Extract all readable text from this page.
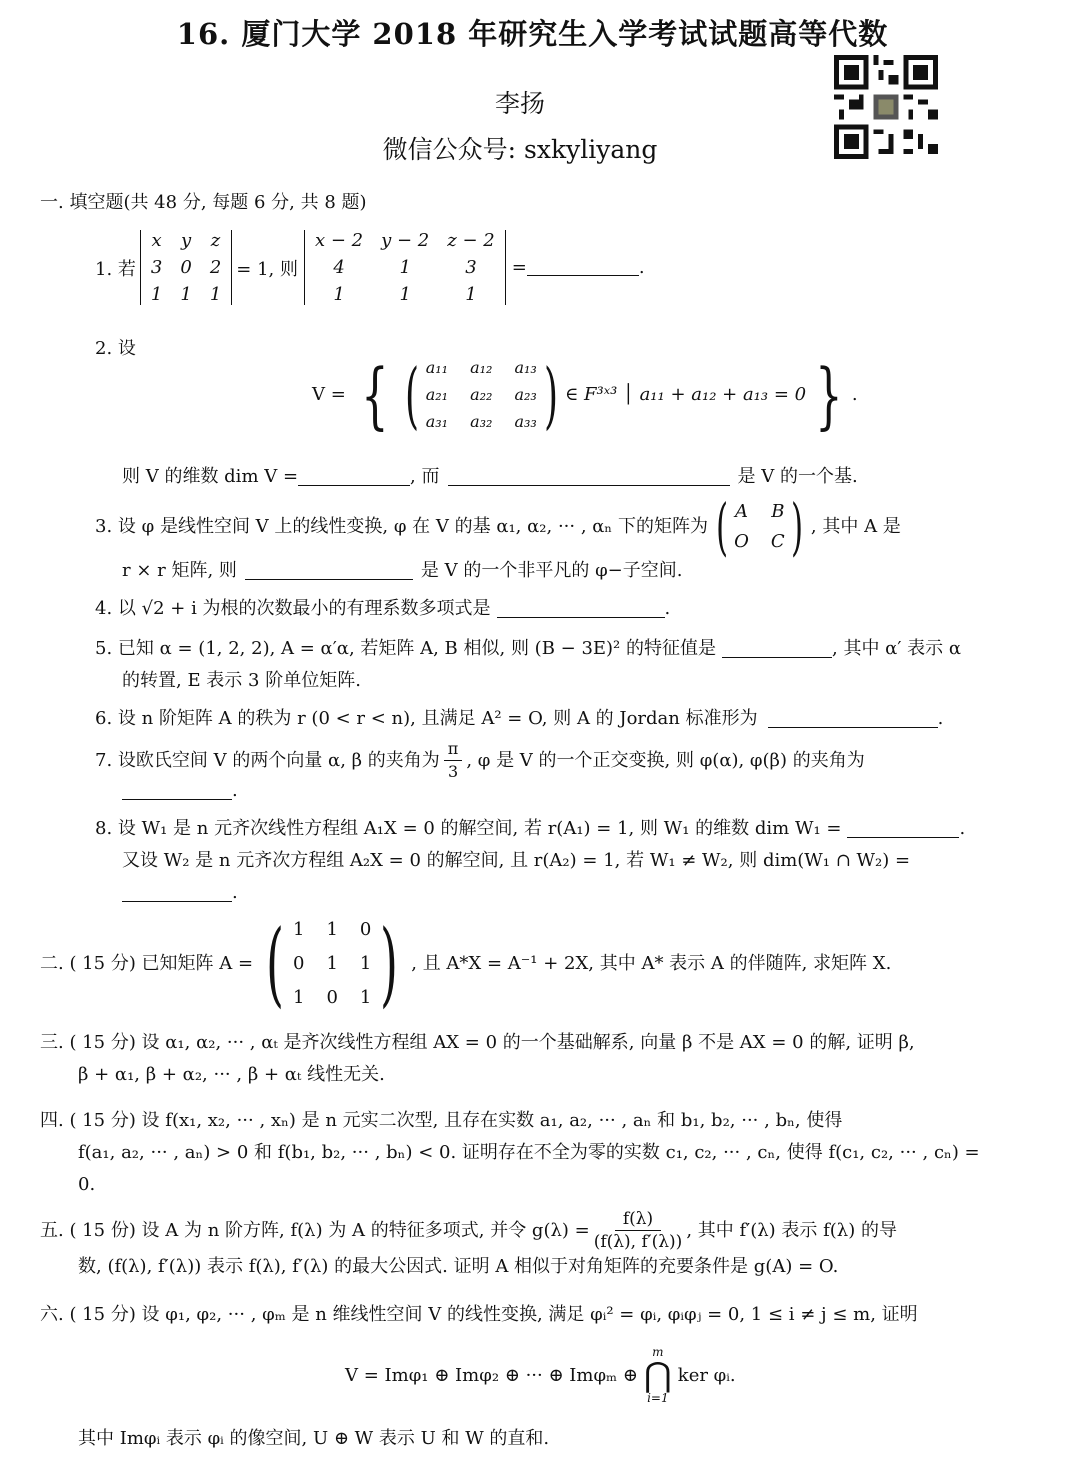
16. 厦门大学 2018 年研究生入学考试试题高等代数
李扬
微信公众号: sxkyliyang
一. 填空题(共 48 分, 每题 6 分, 共 8 题)
1. 若
x y z
3 0 2
1 1 1
= 1, 则
x − 2 y − 2 z − 2
4	1	3
1	1	1
=	.
2. 设
V = { ( a₁₁ a₁₂ a₁₃
a₂₁ a₂₂ a₂₃
a₃₁ a₃₂ a₃₃ ) ∈ F³ˣ³ │ a₁₁ + a₁₂ + a₁₃ = 0 } .
则 V 的维数 dim V =	, 而	是 V 的一个基.
3. 设 φ 是线性空间 V 上的线性变换, φ 在 V 的基 α₁, α₂, ··· , αₙ 下的矩阵为 ( A B
O C ) , 其中 A 是
r × r 矩阵, 则	是 V 的一个非平凡的 φ−子空间.
4. 以 √2 + i 为根的次数最小的有理系数多项式是	.
5. 已知 α = (1, 2, 2), A = α′α, 若矩阵 A, B 相似, 则 (B − 3E)² 的特征值是	, 其中 α′ 表示 α
的转置, E 表示 3 阶单位矩阵.
6. 设 n 阶矩阵 A 的秩为 r (0 < r < n), 且满足 A² = O, 则 A 的 Jordan 标准形为	.
7. 设欧氏空间 V 的两个向量 α, β 的夹角为 $\frac{\pi}{3}$ , φ 是 V 的一个正交变换, 则 φ(α), φ(β) 的夹角为
.
8. 设 W₁ 是 n 元齐次线性方程组 A₁X = 0 的解空间, 若 r(A₁) = 1, 则 W₁ 的维数 dim W₁ =	.
又设 W₂ 是 n 元齐次方程组 A₂X = 0 的解空间, 且 r(A₂) = 1, 若 W₁ ≠ W₂, 则 dim(W₁ ∩ W₂) =
.
二. ( 15 分) 已知矩阵 A = ( 1 1 0
0 1 1
1 0 1 ) , 且 A*X = A⁻¹ + 2X, 其中 A* 表示 A 的伴随阵, 求矩阵 X.
三. ( 15 分) 设 α₁, α₂, ··· , αₜ 是齐次线性方程组 AX = 0 的一个基础解系, 向量 β 不是 AX = 0 的解, 证明 β,
β + α₁, β + α₂, ··· , β + αₜ 线性无关.
四. ( 15 分) 设 f(x₁, x₂, ··· , xₙ) 是 n 元实二次型, 且存在实数 a₁, a₂, ··· , aₙ 和 b₁, b₂, ··· , bₙ, 使得
f(a₁, a₂, ··· , aₙ) > 0 和 f(b₁, b₂, ··· , bₙ) < 0. 证明存在不全为零的实数 c₁, c₂, ··· , cₙ, 使得 f(c₁, c₂, ··· , cₙ) =
0.
五. ( 15 份) 设 A 为 n 阶方阵, f(λ) 为 A 的特征多项式, 并令 $g(\lambda) = \frac{f(\lambda)}{(f(\lambda), f'(\lambda))}$ , 其中 f′(λ) 表示 f(λ) 的导
数, (f(λ), f′(λ)) 表示 f(λ), f′(λ) 的最大公因式. 证明 A 相似于对角矩阵的充要条件是 g(A) = O.
六. ( 15 分) 设 φ₁, φ₂, ··· , φₘ 是 n 维线性空间 V 的线性变换, 满足 φᵢ² = φᵢ, φᵢφⱼ = 0, 1 ≤ i ≠ j ≤ m, 证明
V = Imφ₁ ⊕ Imφ₂ ⊕ ··· ⊕ Imφₘ ⊕
m
⋂
i=1
ker φᵢ.
其中 Imφᵢ 表示 φᵢ 的像空间, U ⊕ W 表示 U 和 W 的直和.
